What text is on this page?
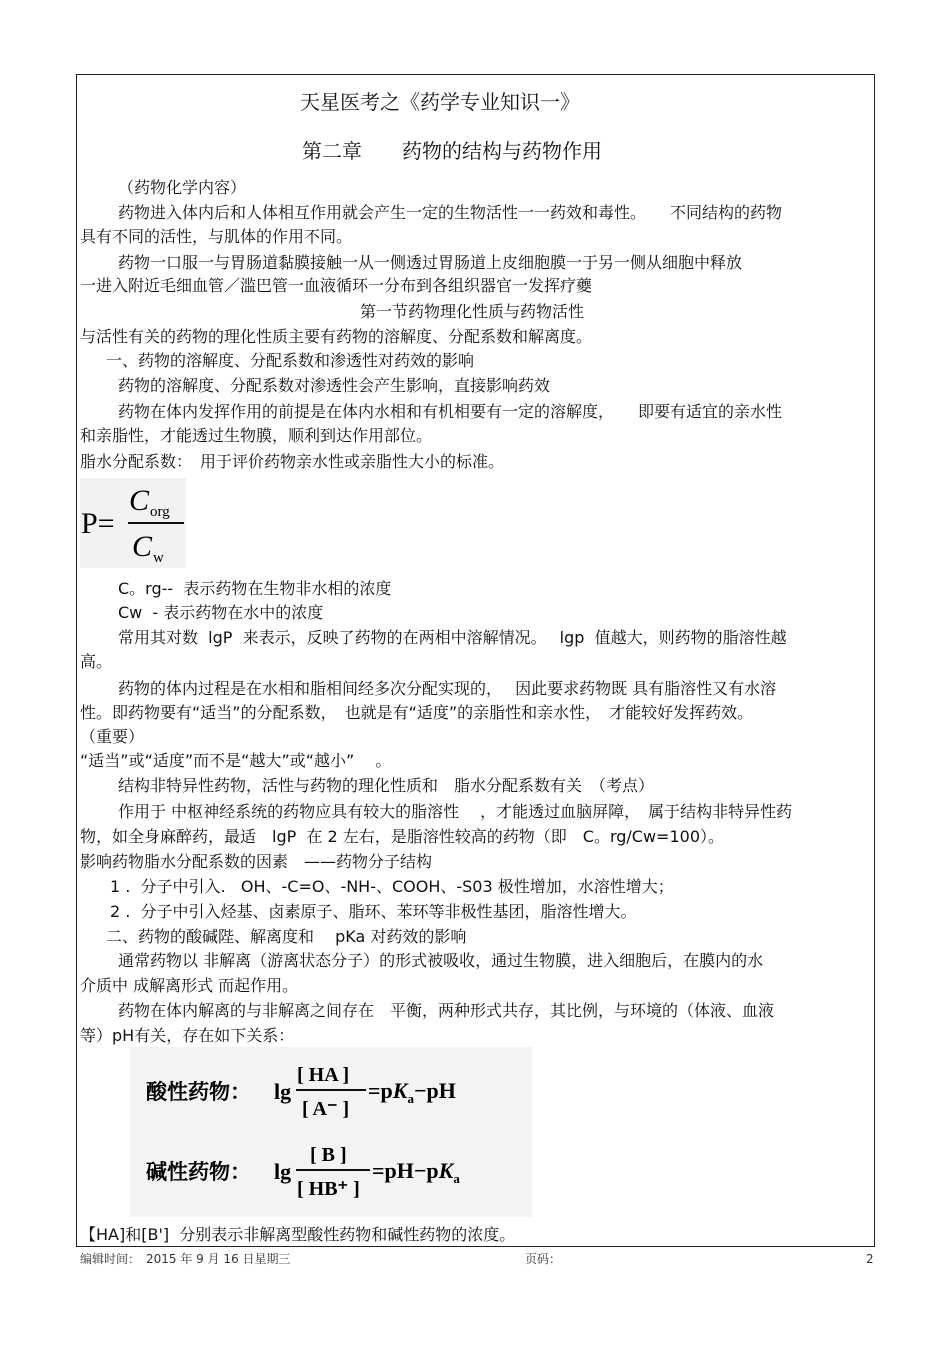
天星医考之《药学专业知识一》
第二章　　药物的结构与药物作用
（药物化学内容）
药物进入体内后和人体相互作用就会产生一定的生物活性一一药效和毒性。　　不同结构的药物
具有不同的活性，与肌体的作用不同。
药物一口服一与胃肠道黏膜接触一从一侧透过胃肠道上皮细胞膜一于另一侧从细胞中释放
一进入附近毛细血管／滥巴管一血液循环一分布到各组织器官一发挥疗夔
第一节药物理化性质与药物活性
与活性有关的药物的理化性质主要有药物的溶解度、分配系数和解离度。
一、药物的溶解度、分配系数和渗透性对药效的影响
药物的溶解度、分配系数对渗透性会产生影响，直接影响药效
药物在体内发挥作用的前提是在体内水相和有机相要有一定的溶解度，　　即要有适宜的亲水性
和亲脂性，才能透过生物膜，顺利到达作用部位。
脂水分配系数：　用于评价药物亲水性或亲脂性大小的标准。
P=
C org
C w
C。rg--  表示药物在生物非水相的浓度
Cw  - 表示药物在水中的浓度
常用其对数  lgP  来表示，反映了药物的在两相中溶解情况。　 lgp  值越大，则药物的脂溶性越
高。
药物的体内过程是在水相和脂相间经多次分配实现的，　 因此要求药物既 具有脂溶性又有水溶
性。即药物要有“适当”的分配系数，　也就是有“适度”的亲脂性和亲水性，　才能较好发挥药效。
（重要）
“适当”或“适度”而不是“越大”或“越小”　 。
结构非特异性药物，活性与药物的理化性质和　脂水分配系数有关　（考点）
作用于 中枢神经系统的药物应具有较大的脂溶性　 ，才能透过血脑屏障，　属于结构非特异性药
物，如全身麻醉药，最适　lgP  在 2 左右，是脂溶性较高的药物（即　C。rg/Cw=100）。
影响药物脂水分配系数的因素　——药物分子结构
1 .  分子中引入.   OH、-C=O、-NH-、COOH、-S03 极性增加，水溶性增大；
2 .  分子中引入烃基、卤素原子、脂环、苯环等非极性基团，脂溶性增大。
二、药物的酸碱陛、解离度和　 pKa 对药效的影响
通常药物以 非解离（游离状态分子）的形式被吸收，通过生物膜，进入细胞后，在膜内的水
介质中 成解离形式 而起作用。
药物在体内解离的与非解离之间存在　平衡，两种形式共存，其比例，与环境的（体液、血液
等）pH有关，存在如下关系：
酸性药物： lg
[ HA ]
[ A⁻ ]
$=pK_a-pH$
碱性药物： lg
[ B ]
[ HB⁺ ]
$=pH-pK_a$
【HA]和[B']  分别表示非解离型酸性药物和碱性药物的浓度。
编辑时间：　2015 年 9 月 16 日星期三	页码：	2
